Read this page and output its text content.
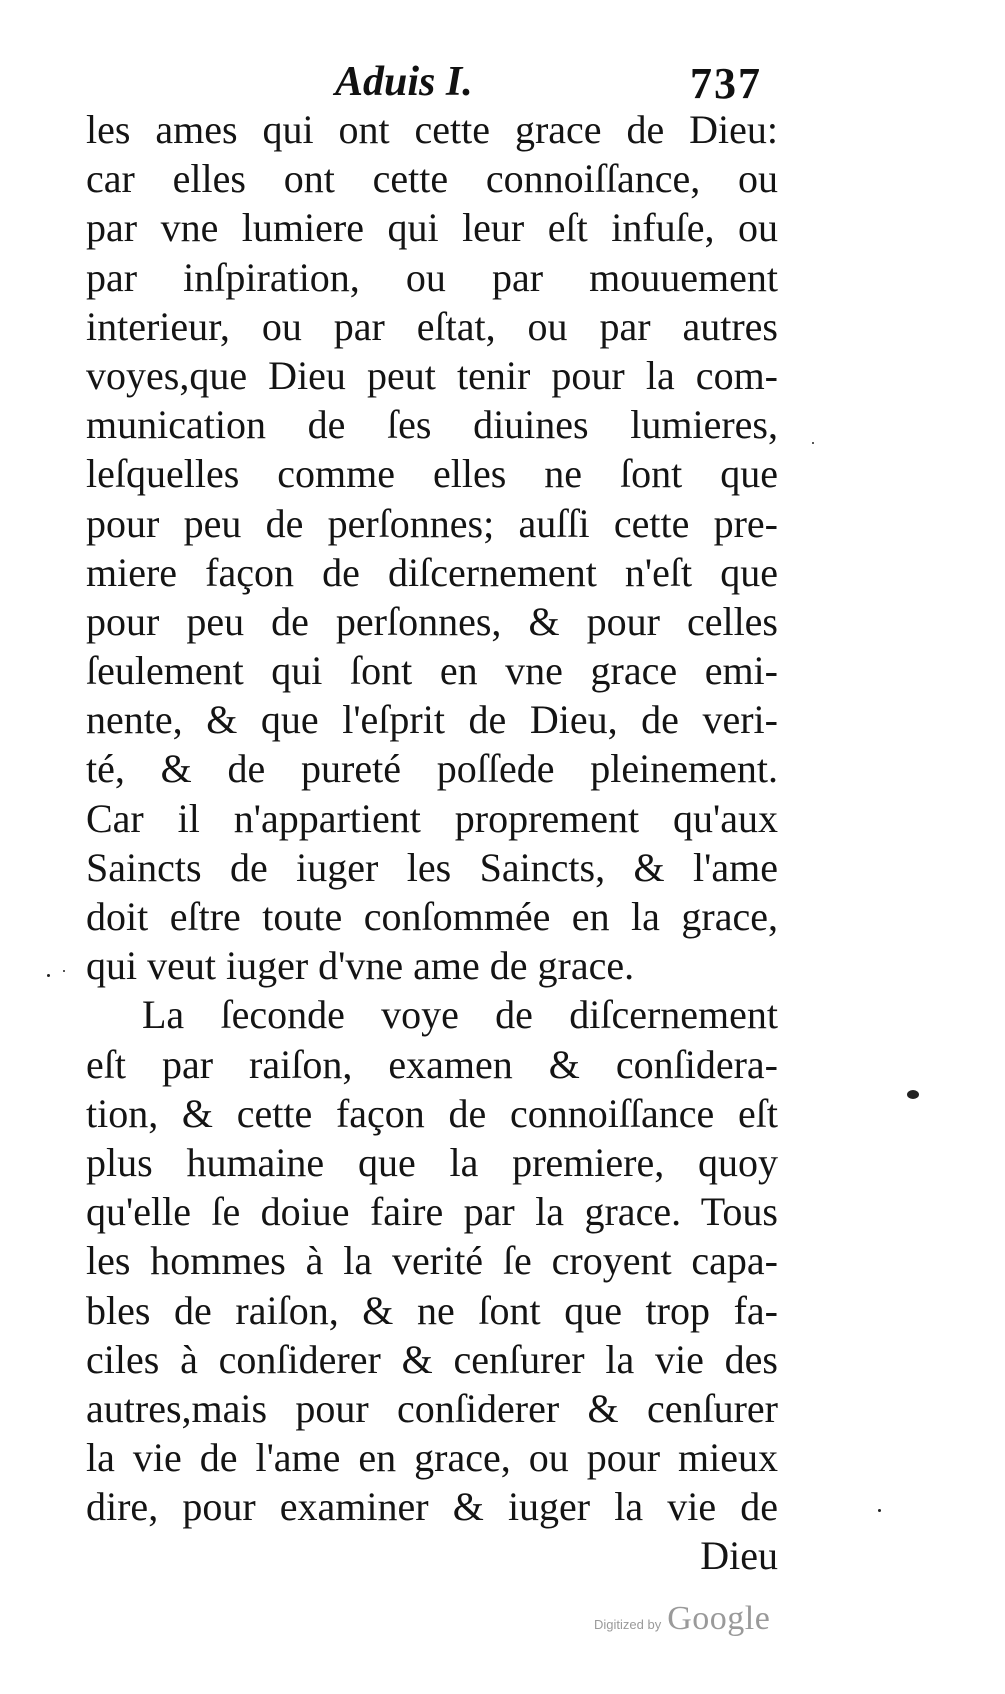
Aduis I.	737
les ames qui ont cette grace de Dieu:
car elles ont cette connoiſſance, ou
par vne lumiere qui leur eſt infuſe, ou
par inſpiration, ou par mouuement
interieur, ou par eſtat, ou par autres
voyes,que Dieu peut tenir pour la com-
munication de ſes diuines lumieres,
leſquelles comme elles ne ſont que
pour peu de perſonnes; auſſi cette pre-
miere façon de diſcernement n'eſt que
pour peu de perſonnes, & pour celles
ſeulement qui ſont en vne grace emi-
nente, & que l'eſprit de Dieu, de veri-
té, & de pureté poſſede pleinement.
Car il n'appartient proprement qu'aux
Saincts de iuger les Saincts, & l'ame
doit eſtre toute conſommée en la grace,
qui veut iuger d'vne ame de grace.
La ſeconde voye de diſcernement
eſt par raiſon, examen & conſidera-
tion, & cette façon de connoiſſance eſt
plus humaine que la premiere, quoy
qu'elle ſe doiue faire par la grace. Tous
les hommes à la verité ſe croyent capa-
bles de raiſon, & ne ſont que trop fa-
ciles à conſiderer & cenſurer la vie des
autres,mais pour conſiderer & cenſurer
la vie de l'ame en grace, ou pour mieux
dire, pour examiner & iuger la vie de
Dieu
Digitized by Google
